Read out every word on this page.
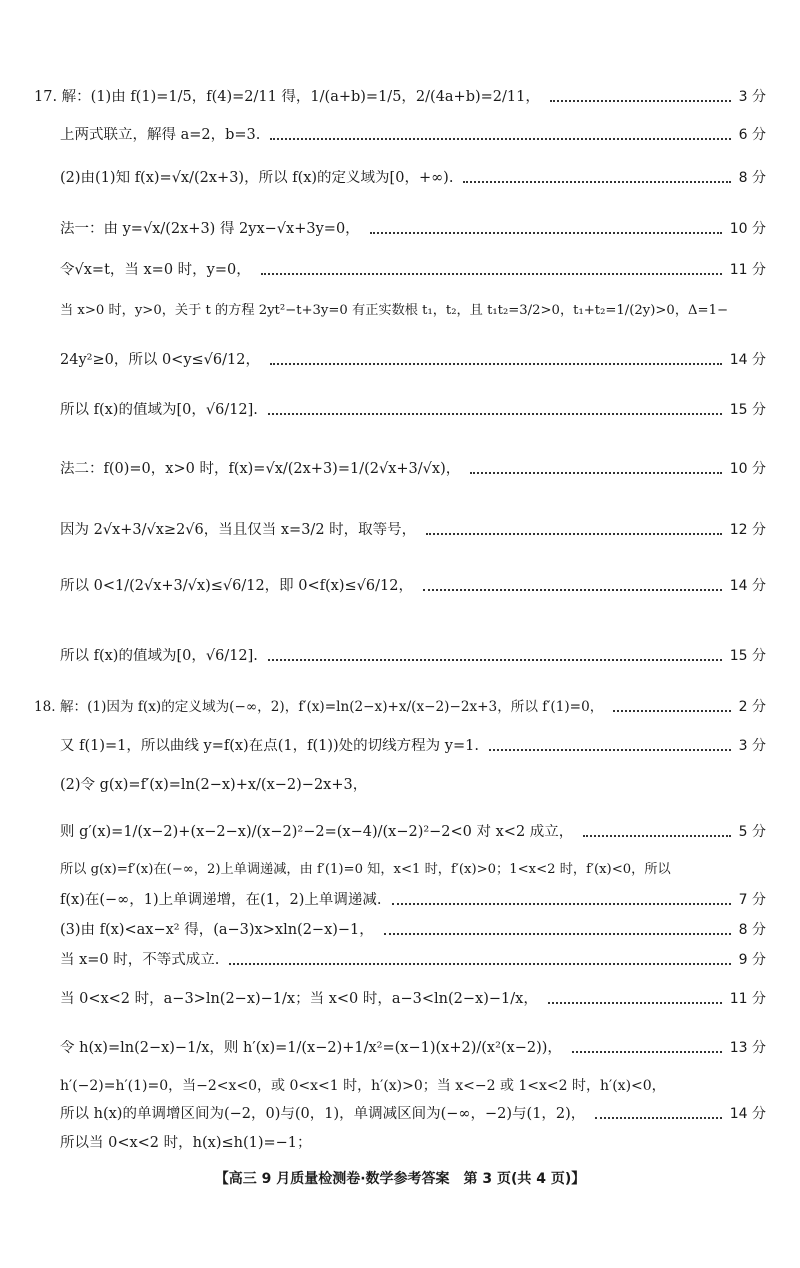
17. 解：(1)由 f(1)=1/5，f(4)=2/11 得，1/(a+b)=1/5，2/(4a+b)=2/11，	3 分
上两式联立，解得 a=2，b=3.	6 分
(2)由(1)知 f(x)=√x/(2x+3)，所以 f(x)的定义域为[0，+∞).	8 分
法一：由 y=√x/(2x+3) 得 2yx−√x+3y=0，	10 分
令√x=t，当 x=0 时，y=0，	11 分
当 x>0 时，y>0，关于 t 的方程 2yt²−t+3y=0 有正实数根 t₁，t₂，且 t₁t₂=3/2>0，t₁+t₂=1/(2y)>0，Δ=1−
24y²≥0，所以 0<y≤√6/12，	14 分
所以 f(x)的值域为[0，√6/12].	15 分
法二：f(0)=0，x>0 时，f(x)=√x/(2x+3)=1/(2√x+3/√x)，	10 分
因为 2√x+3/√x≥2√6，当且仅当 x=3/2 时，取等号，	12 分
所以 0<1/(2√x+3/√x)≤√6/12，即 0<f(x)≤√6/12，	14 分
所以 f(x)的值域为[0，√6/12].	15 分
18. 解：(1)因为 f(x)的定义域为(−∞，2)，f′(x)=ln(2−x)+x/(x−2)−2x+3，所以 f′(1)=0，	2 分
又 f(1)=1，所以曲线 y=f(x)在点(1，f(1))处的切线方程为 y=1.	3 分
(2)令 g(x)=f′(x)=ln(2−x)+x/(x−2)−2x+3，
则 g′(x)=1/(x−2)+(x−2−x)/(x−2)²−2=(x−4)/(x−2)²−2<0 对 x<2 成立，	5 分
所以 g(x)=f′(x)在(−∞，2)上单调递减，由 f′(1)=0 知，x<1 时，f′(x)>0；1<x<2 时，f′(x)<0，所以
f(x)在(−∞，1)上单调递增，在(1，2)上单调递减.	7 分
(3)由 f(x)<ax−x² 得，(a−3)x>xln(2−x)−1，	8 分
当 x=0 时，不等式成立.	9 分
当 0<x<2 时，a−3>ln(2−x)−1/x；当 x<0 时，a−3<ln(2−x)−1/x，	11 分
令 h(x)=ln(2−x)−1/x，则 h′(x)=1/(x−2)+1/x²=(x−1)(x+2)/(x²(x−2))，	13 分
h′(−2)=h′(1)=0，当−2<x<0，或 0<x<1 时，h′(x)>0；当 x<−2 或 1<x<2 时，h′(x)<0，
所以 h(x)的单调增区间为(−2，0)与(0，1)，单调减区间为(−∞，−2)与(1，2)，	14 分
所以当 0<x<2 时，h(x)≤h(1)=−1；
【高三 9 月质量检测卷·数学参考答案　第 3 页(共 4 页)】
